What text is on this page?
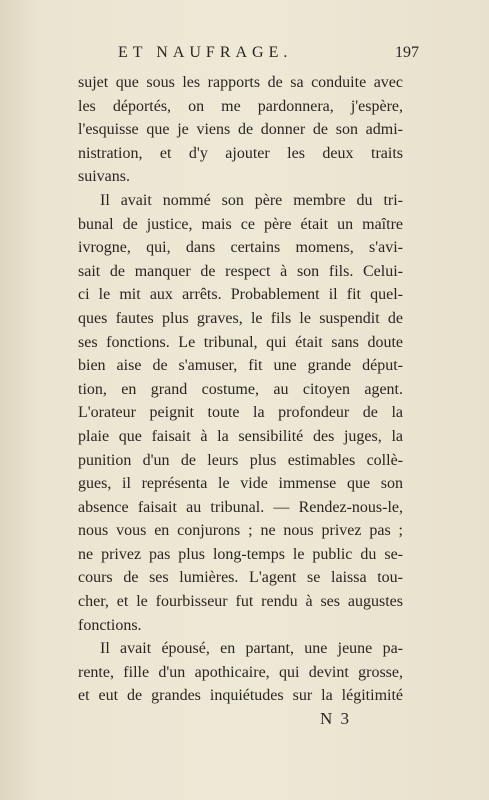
ET NAUFRAGE.	197
sujet que sous les rapports de sa conduite avec
les déportés, on me pardonnera, j'espère,
l'esquisse que je viens de donner de son admi-
nistration, et d'y ajouter les deux traits
suivans.
Il avait nommé son père membre du tri-
bunal de justice, mais ce père était un maître
ivrogne, qui, dans certains momens, s'avi-
sait de manquer de respect à son fils. Celui-
ci le mit aux arrêts. Probablement il fit quel-
ques fautes plus graves, le fils le suspendit de
ses fonctions. Le tribunal, qui était sans doute
bien aise de s'amuser, fit une grande déput-
tion, en grand costume, au citoyen agent.
L'orateur peignit toute la profondeur de la
plaie que faisait à la sensibilité des juges, la
punition d'un de leurs plus estimables collè-
gues, il représenta le vide immense que son
absence faisait au tribunal. — Rendez-nous-le,
nous vous en conjurons ; ne nous privez pas ;
ne privez pas plus long-temps le public du se-
cours de ses lumières. L'agent se laissa tou-
cher, et le fourbisseur fut rendu à ses augustes
fonctions.
Il avait épousé, en partant, une jeune pa-
rente, fille d'un apothicaire, qui devint grosse,
et eut de grandes inquiétudes sur la légitimité
N 3
